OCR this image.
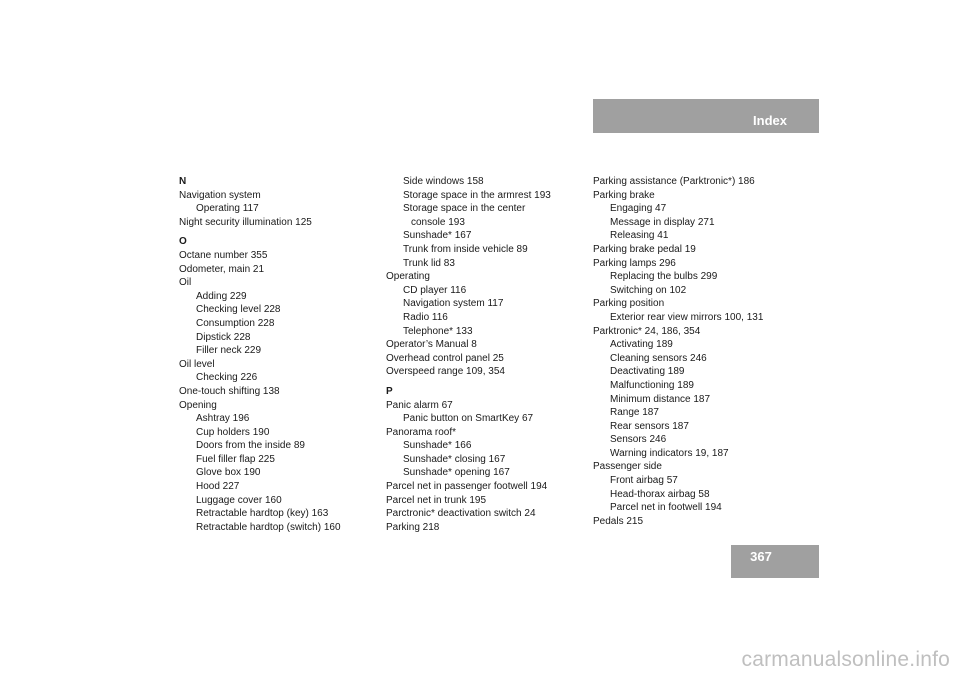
Index
N
Navigation system
Operating 117
Night security illumination 125
O
Octane number 355
Odometer, main 21
Oil
Adding 229
Checking level 228
Consumption 228
Dipstick 228
Filler neck 229
Oil level
Checking 226
One-touch shifting 138
Opening
Ashtray 196
Cup holders 190
Doors from the inside 89
Fuel filler flap 225
Glove box 190
Hood 227
Luggage cover 160
Retractable hardtop (key) 163
Retractable hardtop (switch) 160
Side windows 158
Storage space in the armrest 193
Storage space in the center
console 193
Sunshade* 167
Trunk from inside vehicle 89
Trunk lid 83
Operating
CD player 116
Navigation system 117
Radio 116
Telephone* 133
Operator’s Manual 8
Overhead control panel 25
Overspeed range 109, 354
P
Panic alarm 67
Panic button on SmartKey 67
Panorama roof*
Sunshade* 166
Sunshade* closing 167
Sunshade* opening 167
Parcel net in passenger footwell 194
Parcel net in trunk 195
Parctronic* deactivation switch 24
Parking 218
Parking assistance (Parktronic*) 186
Parking brake
Engaging 47
Message in display 271
Releasing 41
Parking brake pedal 19
Parking lamps 296
Replacing the bulbs 299
Switching on 102
Parking position
Exterior rear view mirrors 100, 131
Parktronic* 24, 186, 354
Activating 189
Cleaning sensors 246
Deactivating 189
Malfunctioning 189
Minimum distance 187
Range 187
Rear sensors 187
Sensors 246
Warning indicators 19, 187
Passenger side
Front airbag 57
Head-thorax airbag 58
Parcel net in footwell 194
Pedals 215
367
carmanualsonline.info
